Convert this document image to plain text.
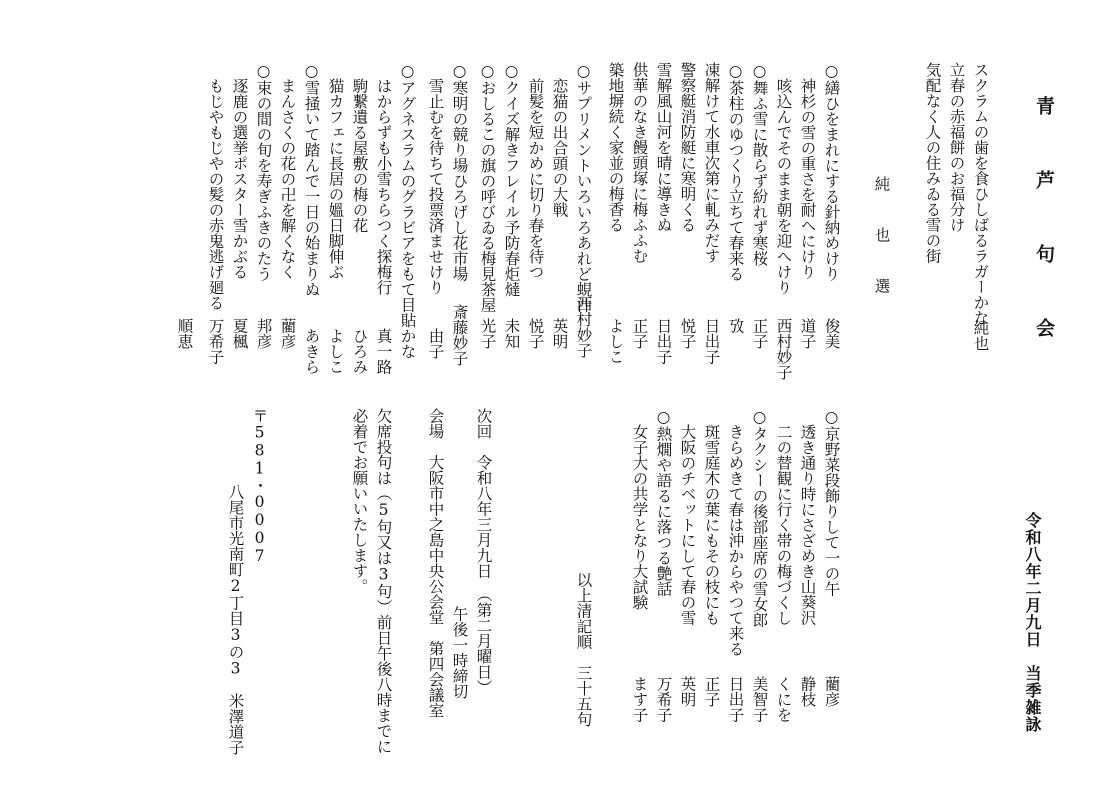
令和八年二月九日　当季雑詠
青　芦　句　会
スクラムの歯を食ひしばるラガーかな
純也
立春の赤福餅のお福分け
気配なく人の住みゐる雪の街
純　也　選
○繕ひをまれにする針納めけり
神杉の雪の重さを耐へにけり
咳込んでそのまま朝を迎へけり
○舞ふ雪に散らず紛れず寒桜
○茶柱のゆつくり立ちて春来る
凍解けて水車次第に軋みだす
警察艇消防艇に寒明くる
雪解風山河を晴に導きぬ
供華のなき饅頭塚に梅ふふむ
築地塀続く家並の梅香る
○サプリメントいろいろあれど蜆汁
恋猫の出合頭の大戦
前髪を短かめに切り春を待つ
○クイズ解きフレイル予防春炬燵
○おしるこの旗の呼びゐる梅見茶屋
○寒明の競り場ひろげし花市場
雪止むを待ちて投票済ませけり
○アグネスラムのグラビアをもて目貼かな
はからずも小雪ちらつく探梅行
駒繋遺る屋敷の梅の花
猫カフェに長居の媼日脚伸ぶ
○雪掻いて踏んで一日の始まりぬ
まんさくの花の卍を解くなく
○束の間の旬を寿ぎふきのたう
逐鹿の選挙ポスター雪かぶる
もじやもじやの髪の赤鬼逃げ廻る
俊美
道子
西村妙子
正子
攷
日出子
悦子
日出子
正子
よしこ
西村妙子
英明
悦子
未知
光子
斎藤妙子
由子
真一路
ひろみ
よしこ
あきら
藺彦
邦彦
夏楓
万希子
順恵
○京野菜段飾りして一の午
透き通り時にさざめき山葵沢
二の替観に行く帯の梅づくし
○タクシーの後部座席の雪女郎
きらめきて春は沖からやつて来る
斑雪庭木の葉にもその枝にも
大阪のチベットにして春の雪
○熱燗や語るに落つる艶話
女子大の共学となり大試験
藺彦
静枝
くにを
美智子
日出子
正子
英明
万希子
ます子
以上清記順　三十五句
次回　令和八年三月九日　（第二月曜日）
午後一時締切
会場　大阪市中之島中央公会堂　第四会議室
欠席投句は（5句又は3句）前日午後八時までに
必着でお願いいたします。
〒581・0007
八尾市光南町2丁目3の3　米澤道子
